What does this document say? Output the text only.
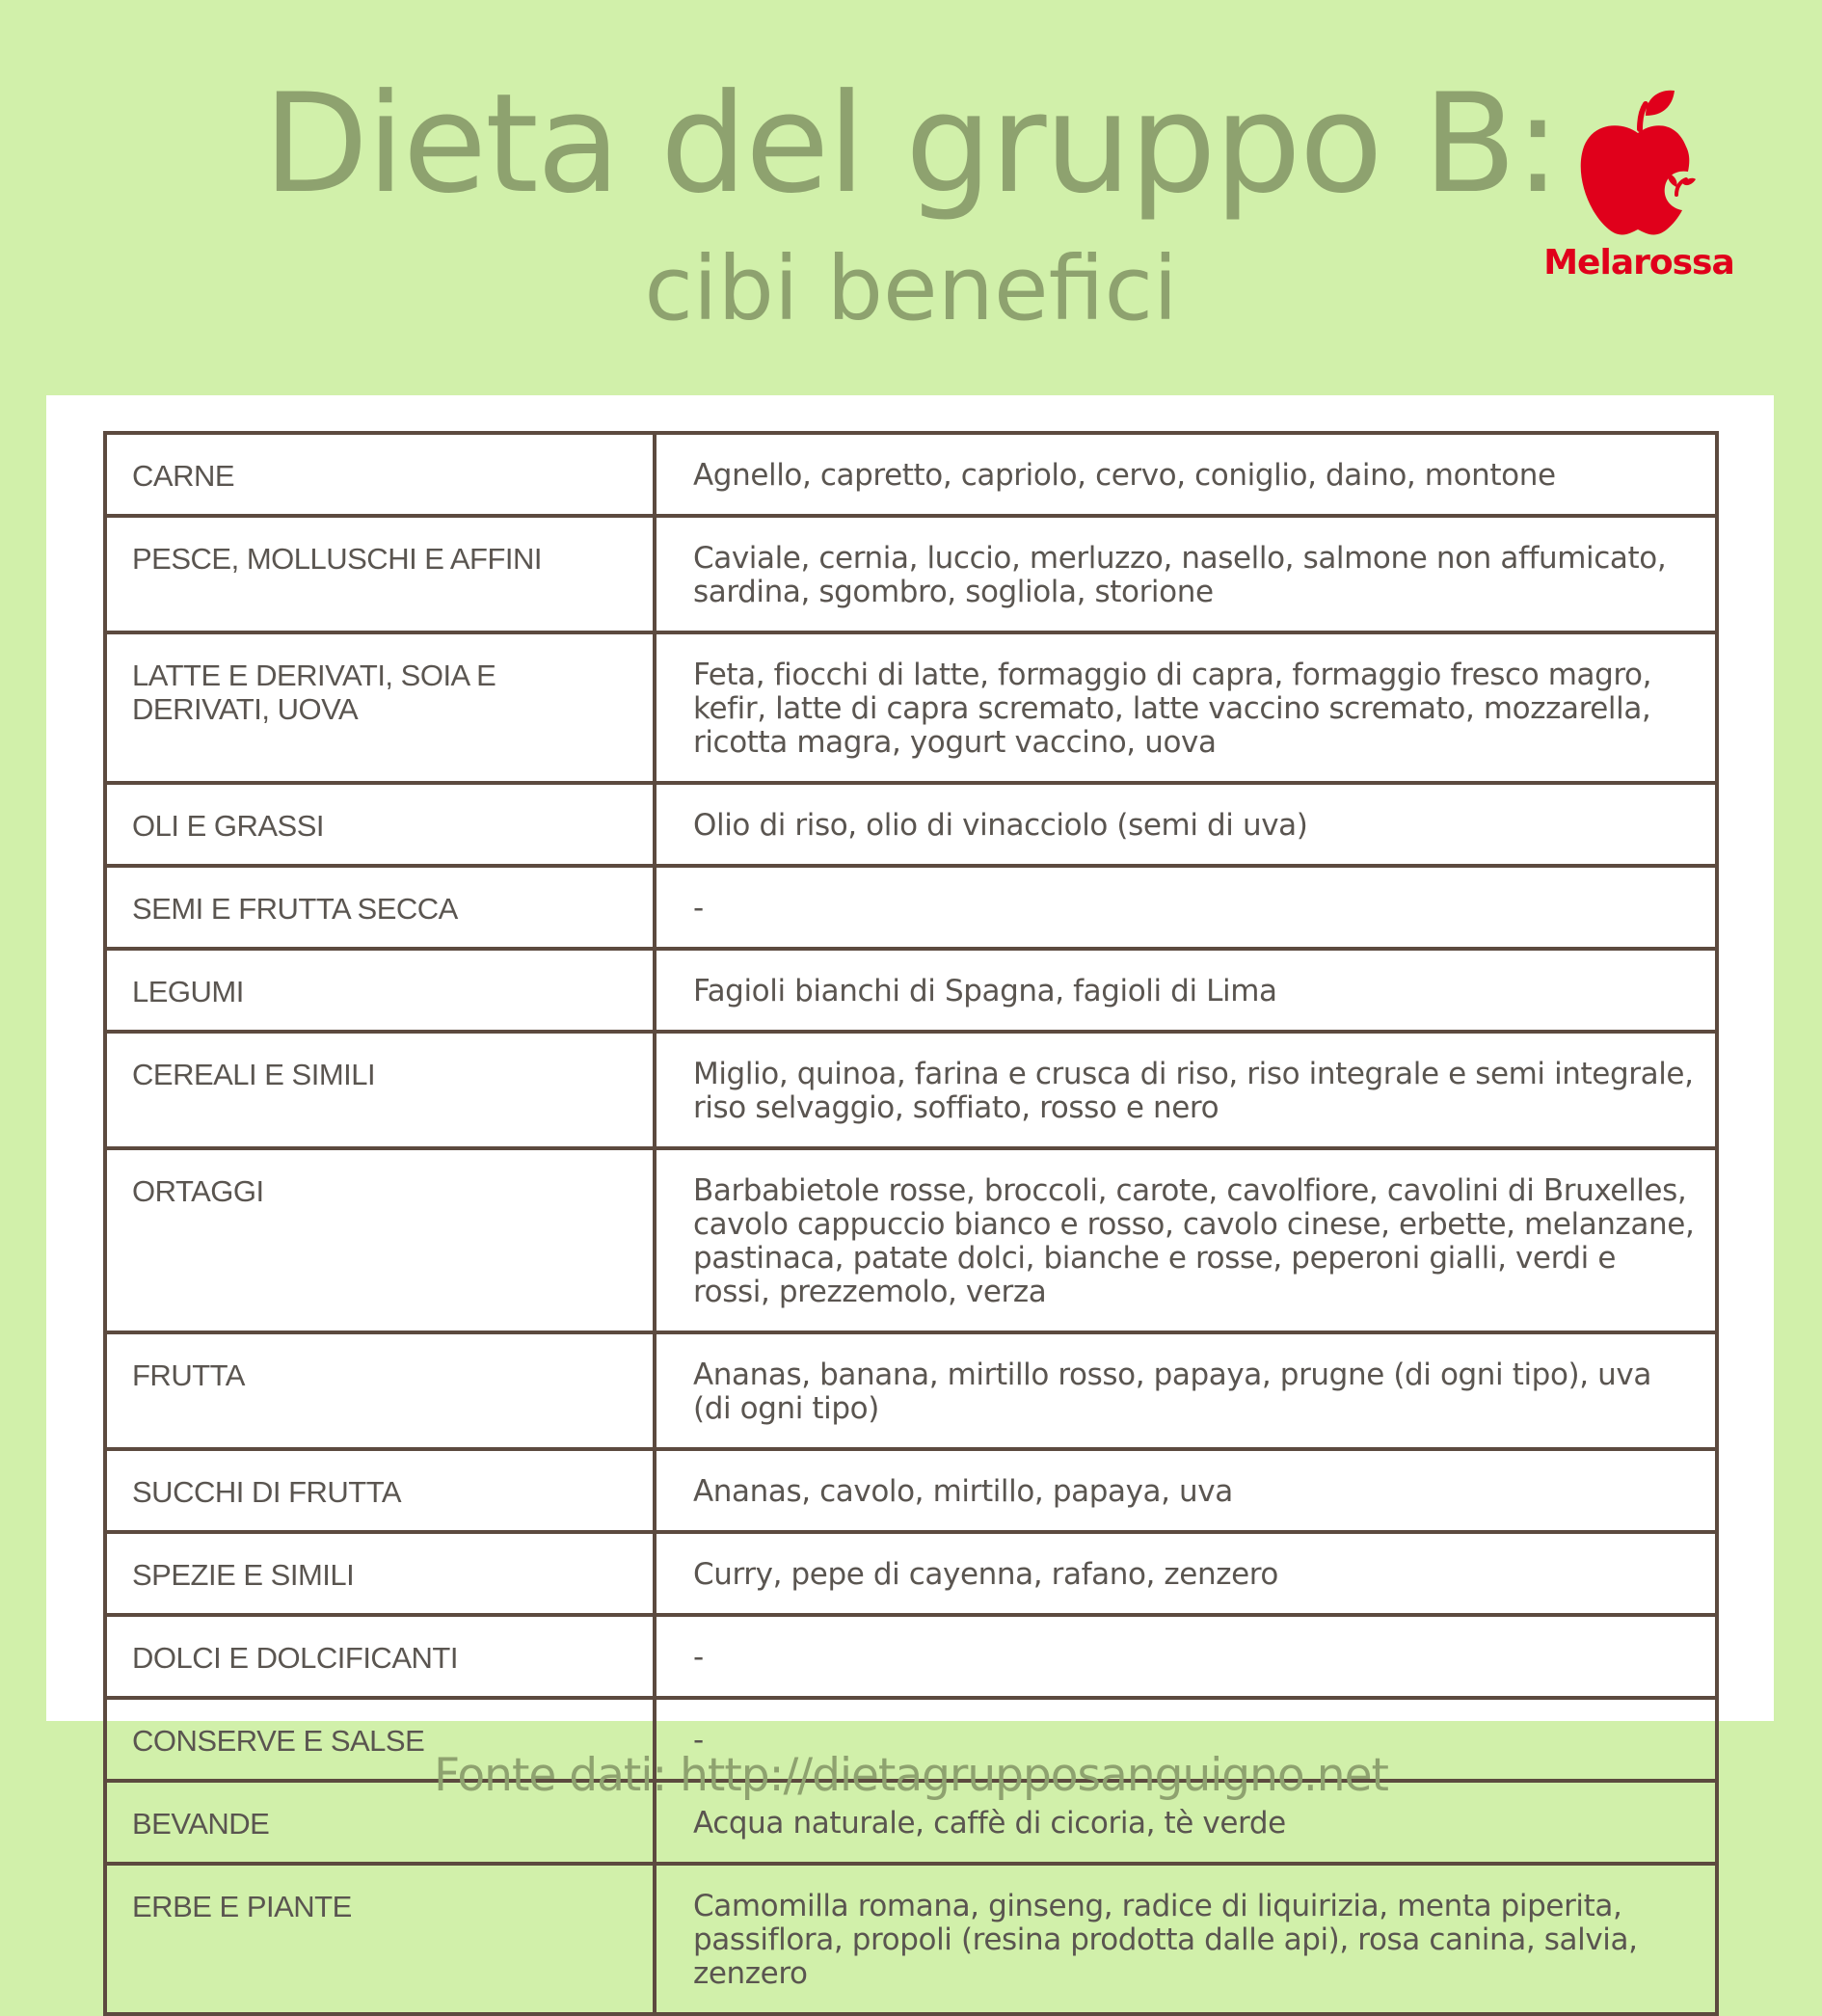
Dieta del gruppo B:
cibi benefici	Melarossa
CARNE	Agnello, capretto, capriolo, cervo, coniglio, daino, montone
PESCE, MOLLUSCHI E AFFINI	Caviale, cernia, luccio, merluzzo, nasello, salmone non affumicato, sardina, sgombro, sogliola, storione
LATTE E DERIVATI, SOIA E DERIVATI, UOVA	Feta, fiocchi di latte, formaggio di capra, formaggio fresco magro, kefir, latte di capra scremato, latte vaccino scremato, mozzarella, ricotta magra, yogurt vaccino, uova
OLI E GRASSI	Olio di riso, olio di vinacciolo (semi di uva)
SEMI E FRUTTA SECCA	-
LEGUMI	Fagioli bianchi di Spagna, fagioli di Lima
CEREALI E SIMILI	Miglio, quinoa, farina e crusca di riso, riso integrale e semi integrale, riso selvaggio, soffiato, rosso e nero
ORTAGGI	Barbabietole rosse, broccoli, carote, cavolfiore, cavolini di Bruxelles, cavolo cappuccio bianco e rosso, cavolo cinese, erbette, melanzane, pastinaca, patate dolci, bianche e rosse, peperoni gialli, verdi e rossi, prezzemolo, verza
FRUTTA	Ananas, banana, mirtillo rosso, papaya, prugne (di ogni tipo), uva (di ogni tipo)
SUCCHI DI FRUTTA	Ananas, cavolo, mirtillo, papaya, uva
SPEZIE E SIMILI	Curry, pepe di cayenna, rafano, zenzero
DOLCI E DOLCIFICANTI	-
CONSERVE E SALSE	-
BEVANDE	Acqua naturale, caffè di cicoria, tè verde
ERBE E PIANTE	Camomilla romana, ginseng, radice di liquirizia, menta piperita, passiflora, propoli (resina prodotta dalle api), rosa canina, salvia, zenzero
Fonte dati: http://dietagrupposanguigno.net
